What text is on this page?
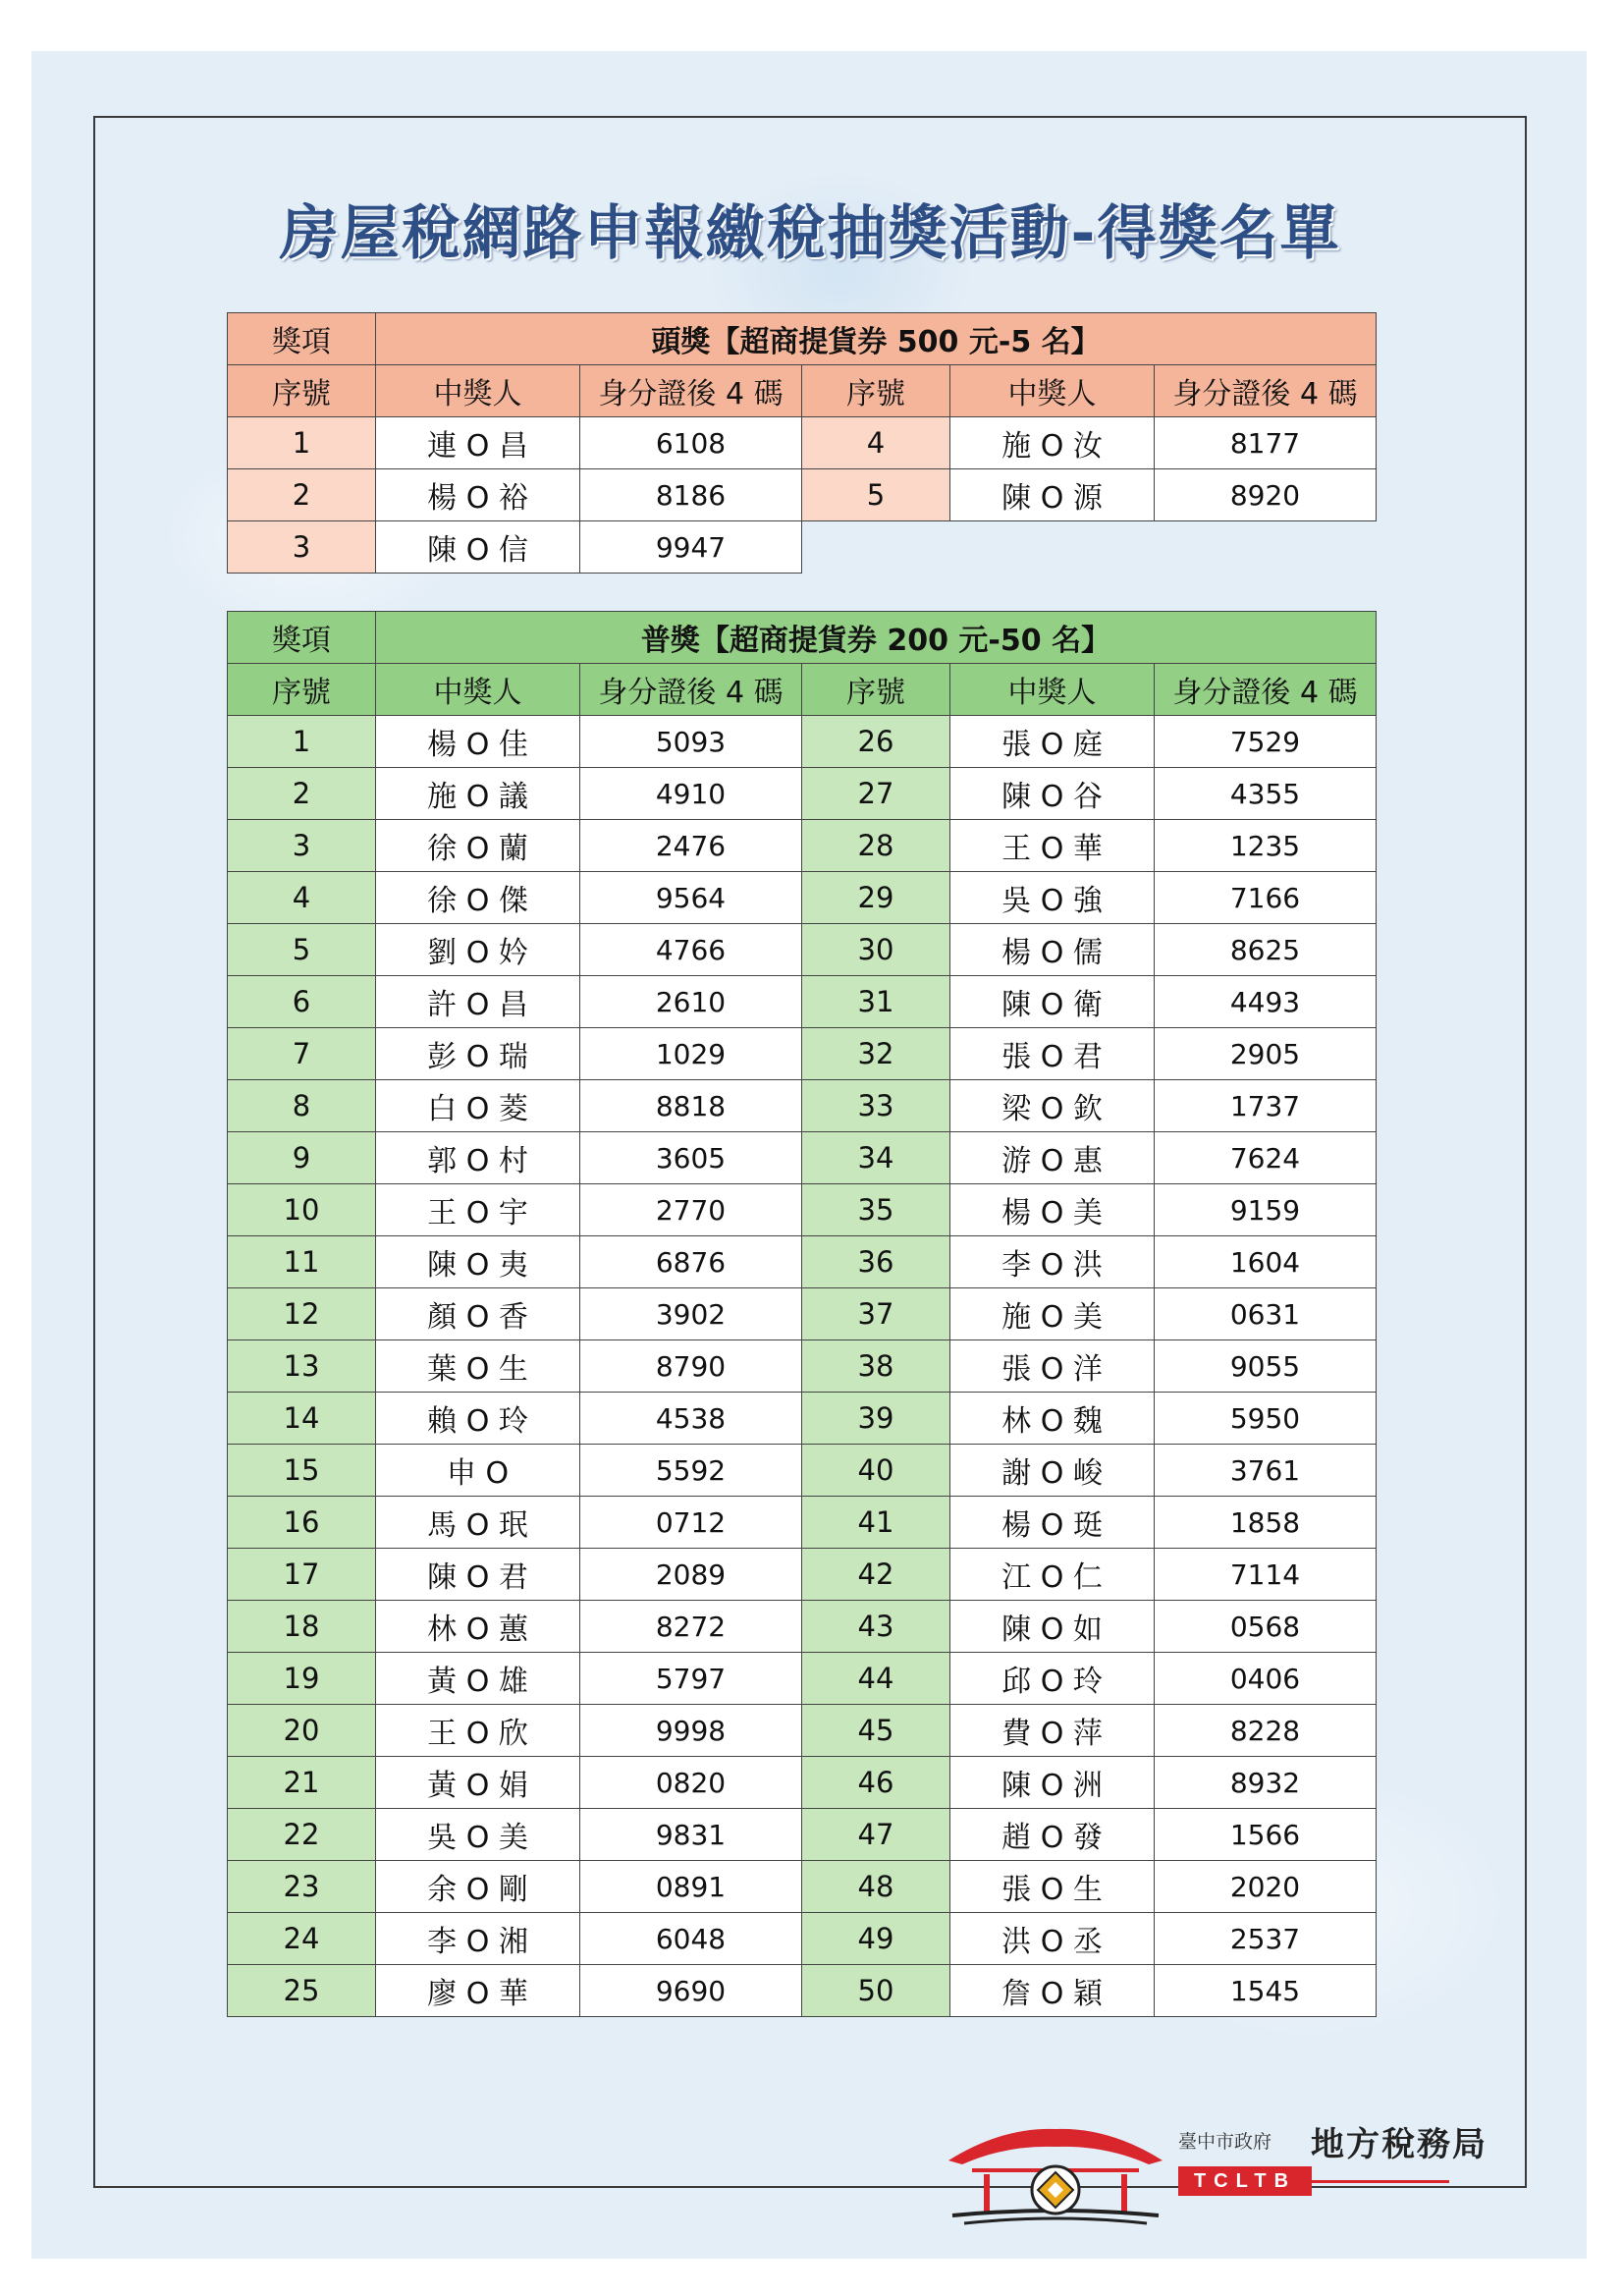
房屋稅網路申報繳稅抽獎活動-得獎名單
獎項	頭獎【超商提貨券 500 元-5 名】				
序號	中獎人	身分證後 4 碼	序號	中獎人	身分證後 4 碼
1	連 O 昌	6108	4	施 O 汝	8177
2	楊 O 裕	8186	5	陳 O 源	8920
3	陳 O 信	9947			
獎項	普獎【超商提貨券 200 元-50 名】				
序號	中獎人	身分證後 4 碼	序號	中獎人	身分證後 4 碼
1	楊 O 佳	5093	26	張 O 庭	7529
2	施 O 議	4910	27	陳 O 谷	4355
3	徐 O 蘭	2476	28	王 O 華	1235
4	徐 O 傑	9564	29	吳 O 強	7166
5	劉 O 妗	4766	30	楊 O 儒	8625
6	許 O 昌	2610	31	陳 O 衛	4493
7	彭 O 瑞	1029	32	張 O 君	2905
8	白 O 菱	8818	33	梁 O 欽	1737
9	郭 O 村	3605	34	游 O 惠	7624
10	王 O 宇	2770	35	楊 O 美	9159
11	陳 O 夷	6876	36	李 O 洪	1604
12	顏 O 香	3902	37	施 O 美	0631
13	葉 O 生	8790	38	張 O 洋	9055
14	賴 O 玲	4538	39	林 O 魏	5950
15	申 O	5592	40	謝 O 峻	3761
16	馬 O 珉	0712	41	楊 O 珽	1858
17	陳 O 君	2089	42	江 O 仁	7114
18	林 O 蕙	8272	43	陳 O 如	0568
19	黃 O 雄	5797	44	邱 O 玲	0406
20	王 O 欣	9998	45	費 O 萍	8228
21	黃 O 娟	0820	46	陳 O 洲	8932
22	吳 O 美	9831	47	趙 O 發	1566
23	余 O 剛	0891	48	張 O 生	2020
24	李 O 湘	6048	49	洪 O 丞	2537
25	廖 O 華	9690	50	詹 O 穎	1545

臺中市政府 地方稅務局

TCLTB
